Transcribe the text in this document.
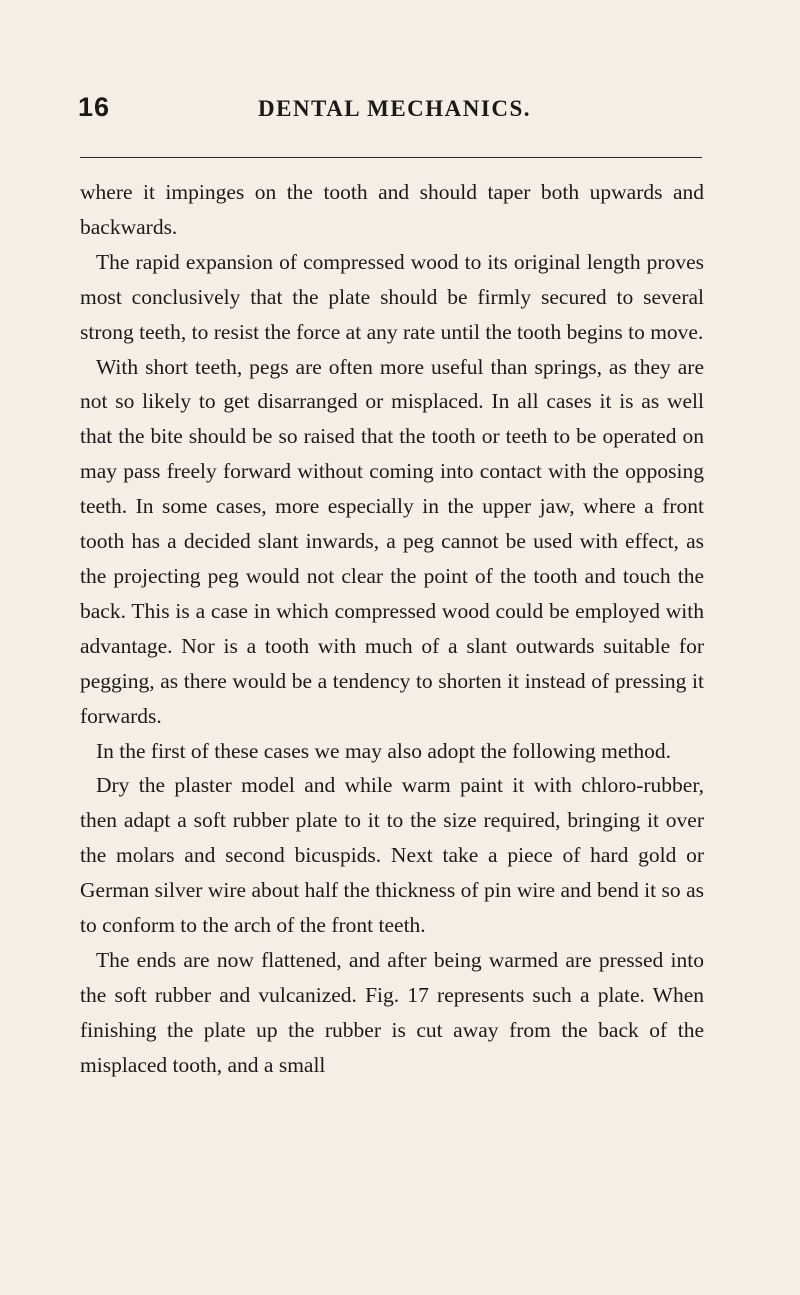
16	DENTAL MECHANICS.

where it impinges on the tooth and should taper both upwards and backwards.

The rapid expansion of compressed wood to its original length proves most conclusively that the plate should be firmly secured to several strong teeth, to resist the force at any rate until the tooth begins to move.

With short teeth, pegs are often more useful than springs, as they are not so likely to get disarranged or misplaced. In all cases it is as well that the bite should be so raised that the tooth or teeth to be operated on may pass freely forward without coming into contact with the opposing teeth. In some cases, more especially in the upper jaw, where a front tooth has a decided slant inwards, a peg cannot be used with effect, as the projecting peg would not clear the point of the tooth and touch the back. This is a case in which compressed wood could be employed with advantage. Nor is a tooth with much of a slant outwards suitable for pegging, as there would be a tendency to shorten it instead of pressing it forwards.

In the first of these cases we may also adopt the following method.

Dry the plaster model and while warm paint it with chloro-rubber, then adapt a soft rubber plate to it to the size required, bringing it over the molars and second bicuspids. Next take a piece of hard gold or German silver wire about half the thickness of pin wire and bend it so as to conform to the arch of the front teeth.

The ends are now flattened, and after being warmed are pressed into the soft rubber and vulcanized. Fig. 17 represents such a plate. When finishing the plate up the rubber is cut away from the back of the misplaced tooth, and a small
